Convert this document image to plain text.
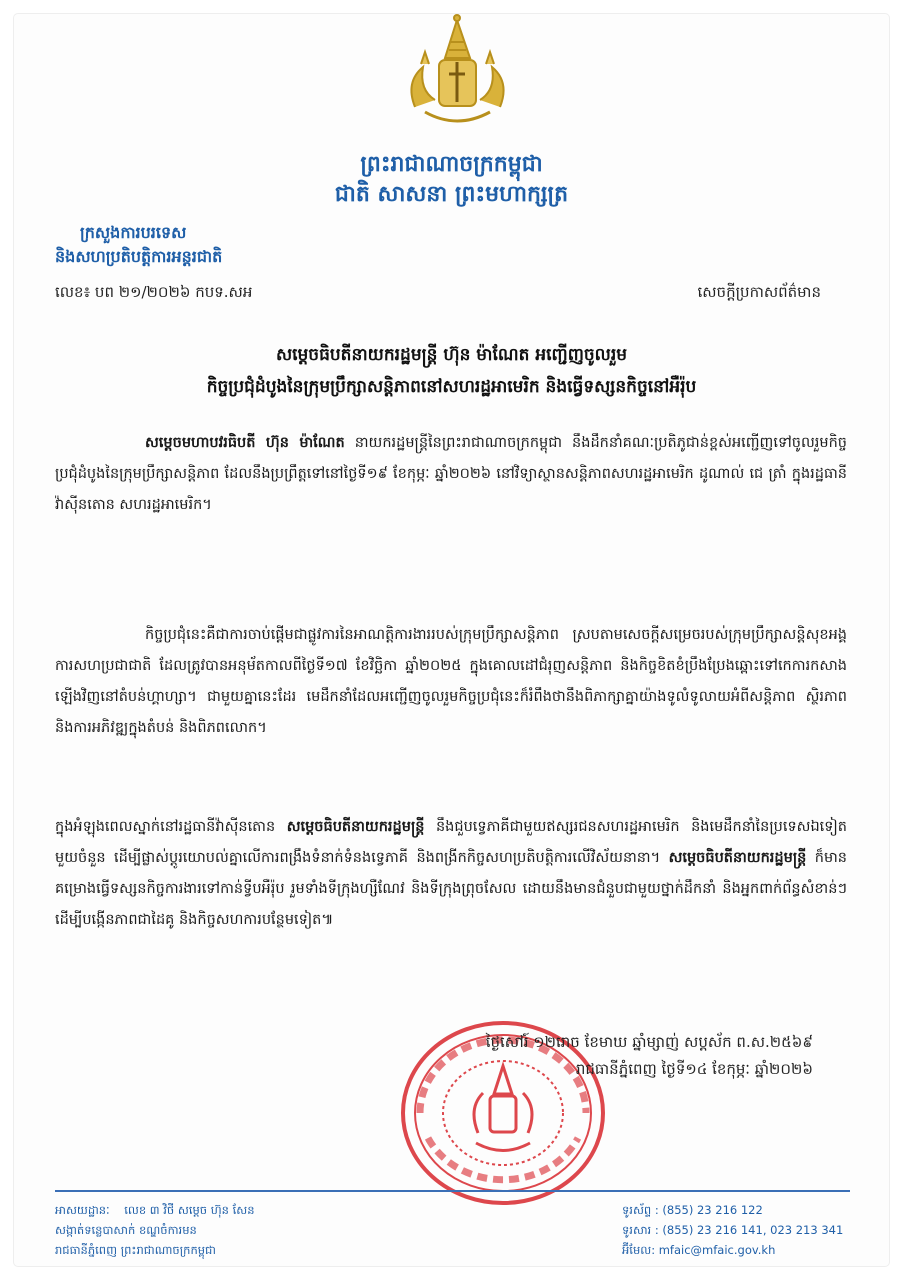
ព្រះរាជាណាចក្រកម្ពុជា
ជាតិ សាសនា ព្រះមហាក្សត្រ
ក្រសួងការបរទេស
និងសហប្រតិបត្តិការអន្តរជាតិ
លេខ៖ បព ២១/២០២៦ កបទ.សអ	សេចក្តីប្រកាសព័ត៌មាន
សម្តេចធិបតីនាយករដ្ឋមន្ត្រី ហ៊ុន ម៉ាណែត អញ្ជើញចូលរួម
កិច្ចប្រជុំដំបូងនៃក្រុមប្រឹក្សាសន្តិភាពនៅសហរដ្ឋអាមេរិក និងធ្វើទស្សនកិច្ចនៅអឺរ៉ុប

សម្តេចមហាបវរធិបតី ហ៊ុន ម៉ាណែត នាយករដ្ឋមន្ត្រីនៃព្រះរាជាណាចក្រកម្ពុជា នឹងដឹកនាំគណៈប្រតិភូជាន់ខ្ពស់អញ្ជើញទៅចូលរួមកិច្ចប្រជុំដំបូងនៃក្រុមប្រឹក្សាសន្តិភាព ដែលនឹងប្រព្រឹត្តទៅនៅថ្ងៃទី១៩ ខែកុម្ភៈ ឆ្នាំ២០២៦ នៅវិទ្យាស្ថានសន្តិភាពសហរដ្ឋអាមេរិក ដូណាល់ ជេ ត្រាំ ក្នុងរដ្ឋធានីវ៉ាស៊ីនតោន សហរដ្ឋអាមេរិក។

កិច្ចប្រជុំនេះគឺជាការចាប់ផ្តើមជាផ្លូវការនៃអាណត្តិការងាររបស់ក្រុមប្រឹក្សាសន្តិភាព ស្របតាមសេចក្តីសម្រេចរបស់ក្រុមប្រឹក្សាសន្តិសុខអង្គការសហប្រជាជាតិ ដែលត្រូវបានអនុម័តកាលពីថ្ងៃទី១៧ ខែវិច្ឆិកា ឆ្នាំ២០២៥ ក្នុងគោលដៅជំរុញសន្តិភាព និងកិច្ចខិតខំប្រឹងប្រែងឆ្ពោះទៅកេការកសាងឡើងវិញនៅតំបន់ហ្គាហ្សា។ ជាមួយគ្នានេះដែរ មេដឹកនាំដែលអញ្ជើញចូលរួមកិច្ចប្រជុំនេះក៏រំពឹងថានឹងពិភាក្សាគ្នាយ៉ាងទូលំទូលាយអំពីសន្តិភាព ស្ថិរភាព និងការអភិវឌ្ឍក្នុងតំបន់ និងពិភពលោក។

ក្នុងអំឡុងពេលស្នាក់នៅរដ្ឋធានីវ៉ាស៊ីនតោន សម្តេចធិបតីនាយករដ្ឋមន្ត្រី នឹងជួបទ្វេភាគីជាមួយឥស្សរជនសហរដ្ឋអាមេរិក និងមេដឹកនាំនៃប្រទេសឯទៀតមួយចំនួន ដើម្បីផ្លាស់ប្តូរយោបល់គ្នាលើការពង្រឹងទំនាក់ទំនងទ្វេភាគី និងពង្រីកកិច្ចសហប្រតិបត្តិការលើវិស័យនានា។ សម្តេចធិបតីនាយករដ្ឋមន្ត្រី ក៏មានគម្រោងធ្វើទស្សនកិច្ចការងារទៅកាន់ទ្វីបអឺរ៉ុប រួមទាំងទីក្រុងហ្សឺណែវ និងទីក្រុងព្រុចសែល ដោយនឹងមានជំនួបជាមួយថ្នាក់ដឹកនាំ និងអ្នកពាក់ព័ន្ធសំខាន់ៗ ដើម្បីបង្កើនភាពជាដៃគូ និងកិច្ចសហការបន្ថែមទៀត៕

ថ្ងៃសៅរ៍ ១២រោច ខែមាឃ ឆ្នាំម្សាញ់ សប្តស័ក ព.ស.២៥៦៩
រាជធានីភ្នំពេញ ថ្ងៃទី១៤ ខែកុម្ភៈ ឆ្នាំ២០២៦
អាសយដ្ឋានៈ លេខ ៣ វិថី សម្តេច ហ៊ុន សែន
សង្កាត់ទន្លេបាសាក់ ខណ្ឌចំការមន
រាជធានីភ្នំពេញ ព្រះរាជាណាចក្រកម្ពុជា
ទូរស័ព្ទ : (855) 23 216 122
ទូរសារ : (855) 23 216 141, 023 213 341
អ៊ីមែល: mfaic@mfaic.gov.kh
